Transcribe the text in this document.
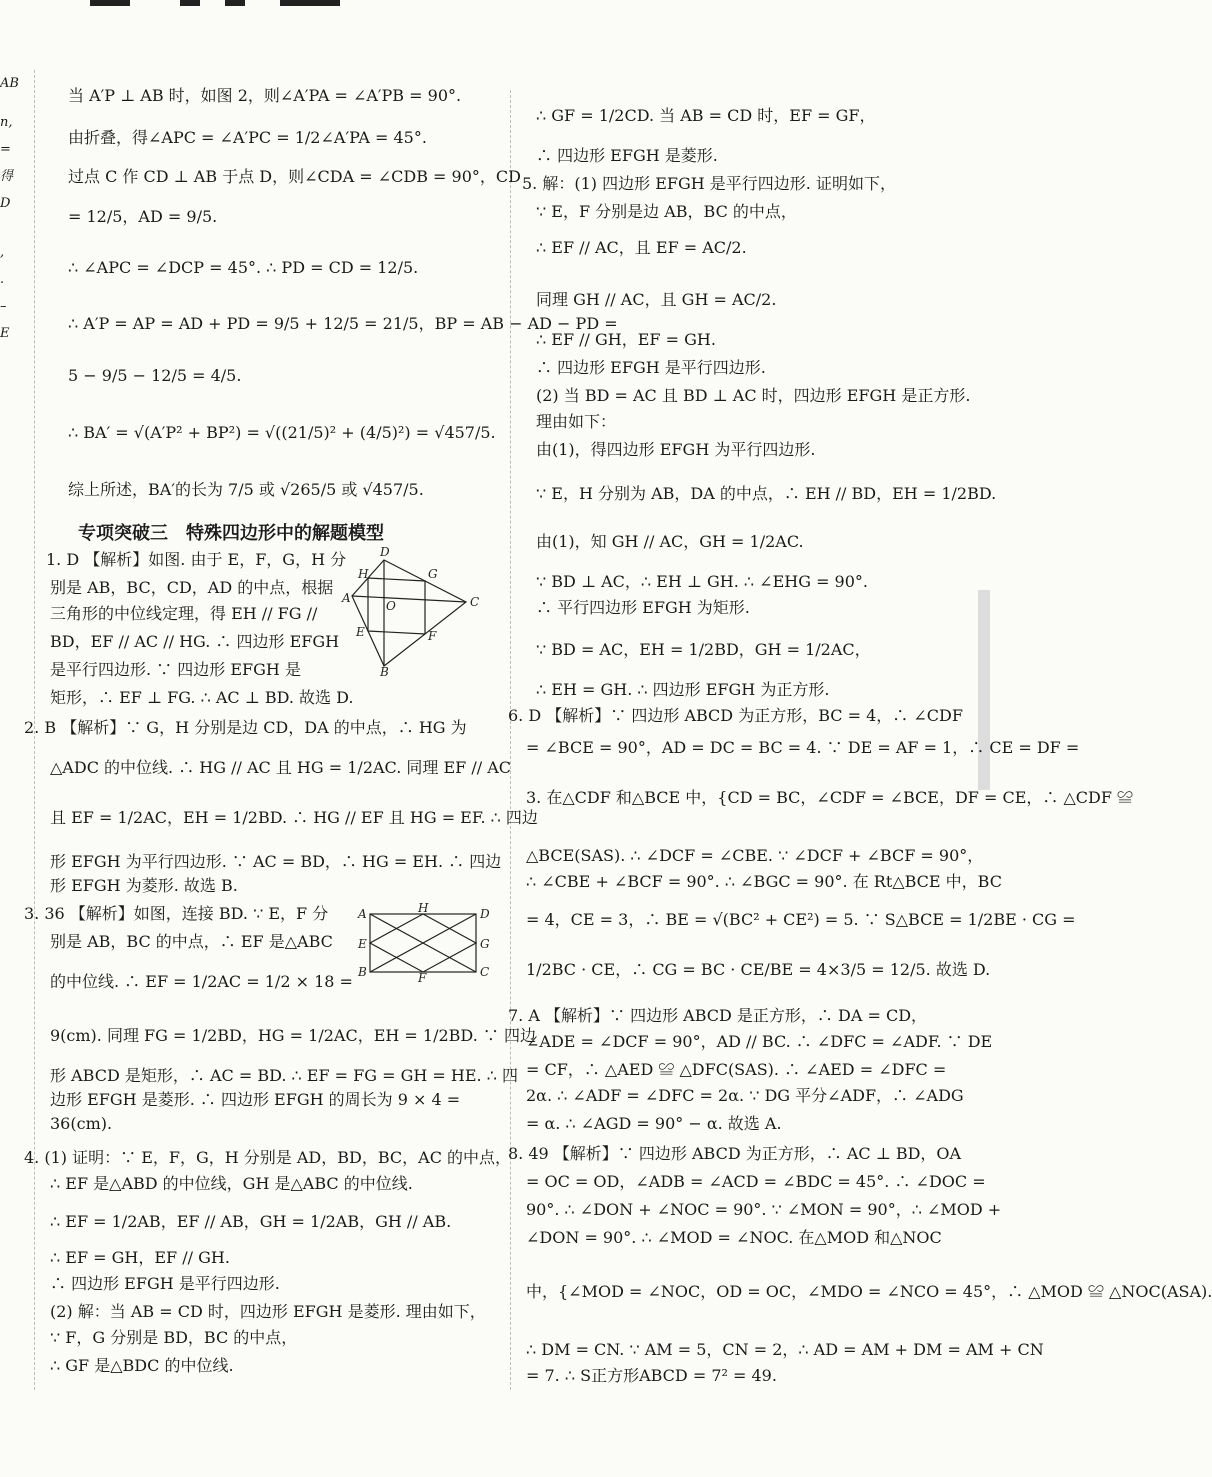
AB
n,
=
得
D
,
.
–
E
当 A′P ⊥ AB 时，如图 2，则∠A′PA = ∠A′PB = 90°.
由折叠，得∠APC = ∠A′PC = 1/2∠A′PA = 45°.
过点 C 作 CD ⊥ AB 于点 D，则∠CDA = ∠CDB = 90°，CD
= 12/5，AD = 9/5.
∴ ∠APC = ∠DCP = 45°. ∴ PD = CD = 12/5.
∴ A′P = AP = AD + PD = 9/5 + 12/5 = 21/5，BP = AB − AD − PD =
5 − 9/5 − 12/5 = 4/5.
∴ BA′ = √(A′P² + BP²) = √((21/5)² + (4/5)²) = √457/5.
综上所述，BA′的长为 7/5 或 √265/5 或 √457/5.
专项突破三　特殊四边形中的解题模型
1. D 【解析】如图. 由于 E，F，G，H 分
别是 AB，BC，CD，AD 的中点，根据
三角形的中位线定理，得 EH // FG //
BD，EF // AC // HG. ∴ 四边形 EFGH
是平行四边形. ∵ 四边形 EFGH 是
矩形，∴ EF ⊥ FG. ∴ AC ⊥ BD. 故选 D.
D
H	G
A
O	C
E	F
B
2. B 【解析】∵ G，H 分别是边 CD，DA 的中点，∴ HG 为
△ADC 的中位线. ∴ HG // AC 且 HG = 1/2AC. 同理 EF // AC
且 EF = 1/2AC，EH = 1/2BD. ∴ HG // EF 且 HG = EF. ∴ 四边
形 EFGH 为平行四边形. ∵ AC = BD，∴ HG = EH. ∴ 四边
形 EFGH 为菱形. 故选 B.
3. 36 【解析】如图，连接 BD. ∵ E，F 分
别是 AB，BC 的中点，∴ EF 是△ABC
的中位线. ∴ EF = 1/2AC = 1/2 × 18 =
A	H	D
E	G
B	F	C
9(cm). 同理 FG = 1/2BD，HG = 1/2AC，EH = 1/2BD. ∵ 四边
形 ABCD 是矩形，∴ AC = BD. ∴ EF = FG = GH = HE. ∴ 四
边形 EFGH 是菱形. ∴ 四边形 EFGH 的周长为 9 × 4 =
36(cm).
4. (1) 证明：∵ E，F，G，H 分别是 AD，BD，BC，AC 的中点，
∴ EF 是△ABD 的中位线，GH 是△ABC 的中位线.
∴ EF = 1/2AB，EF // AB，GH = 1/2AB，GH // AB.
∴ EF = GH，EF // GH.
∴ 四边形 EFGH 是平行四边形.
(2) 解：当 AB = CD 时，四边形 EFGH 是菱形. 理由如下，
∵ F，G 分别是 BD，BC 的中点，
∴ GF 是△BDC 的中位线.
∴ GF = 1/2CD. 当 AB = CD 时，EF = GF，
∴ 四边形 EFGH 是菱形.
5. 解：(1) 四边形 EFGH 是平行四边形. 证明如下，
∵ E，F 分别是边 AB，BC 的中点，
∴ EF // AC，且 EF = AC/2.
同理 GH // AC，且 GH = AC/2.
∴ EF // GH，EF = GH.
∴ 四边形 EFGH 是平行四边形.
(2) 当 BD = AC 且 BD ⊥ AC 时，四边形 EFGH 是正方形.
理由如下：
由(1)，得四边形 EFGH 为平行四边形.
∵ E，H 分别为 AB，DA 的中点，∴ EH // BD，EH = 1/2BD.
由(1)，知 GH // AC，GH = 1/2AC.
∵ BD ⊥ AC，∴ EH ⊥ GH. ∴ ∠EHG = 90°.
∴ 平行四边形 EFGH 为矩形.
∵ BD = AC，EH = 1/2BD，GH = 1/2AC，
∴ EH = GH. ∴ 四边形 EFGH 为正方形.
6. D 【解析】∵ 四边形 ABCD 为正方形，BC = 4，∴ ∠CDF
= ∠BCE = 90°，AD = DC = BC = 4. ∵ DE = AF = 1，∴ CE = DF =
3. 在△CDF 和△BCE 中，{CD = BC，∠CDF = ∠BCE，DF = CE，∴ △CDF ≌
△BCE(SAS). ∴ ∠DCF = ∠CBE. ∵ ∠DCF + ∠BCF = 90°，
∴ ∠CBE + ∠BCF = 90°. ∴ ∠BGC = 90°. 在 Rt△BCE 中，BC
= 4，CE = 3，∴ BE = √(BC² + CE²) = 5. ∵ S△BCE = 1/2BE · CG =
1/2BC · CE，∴ CG = BC · CE/BE = 4×3/5 = 12/5. 故选 D.
7. A 【解析】∵ 四边形 ABCD 是正方形，∴ DA = CD，
∠ADE = ∠DCF = 90°，AD // BC. ∴ ∠DFC = ∠ADF. ∵ DE
= CF，∴ △AED ≌ △DFC(SAS). ∴ ∠AED = ∠DFC =
2α. ∴ ∠ADF = ∠DFC = 2α. ∵ DG 平分∠ADF，∴ ∠ADG
= α. ∴ ∠AGD = 90° − α. 故选 A.
8. 49 【解析】∵ 四边形 ABCD 为正方形，∴ AC ⊥ BD，OA
= OC = OD，∠ADB = ∠ACD = ∠BDC = 45°. ∴ ∠DOC =
90°. ∴ ∠DON + ∠NOC = 90°. ∵ ∠MON = 90°，∴ ∠MOD +
∠DON = 90°. ∴ ∠MOD = ∠NOC. 在△MOD 和△NOC
中，{∠MOD = ∠NOC，OD = OC，∠MDO = ∠NCO = 45°，∴ △MOD ≌ △NOC(ASA).
∴ DM = CN. ∵ AM = 5，CN = 2，∴ AD = AM + DM = AM + CN
= 7. ∴ S正方形ABCD = 7² = 49.
